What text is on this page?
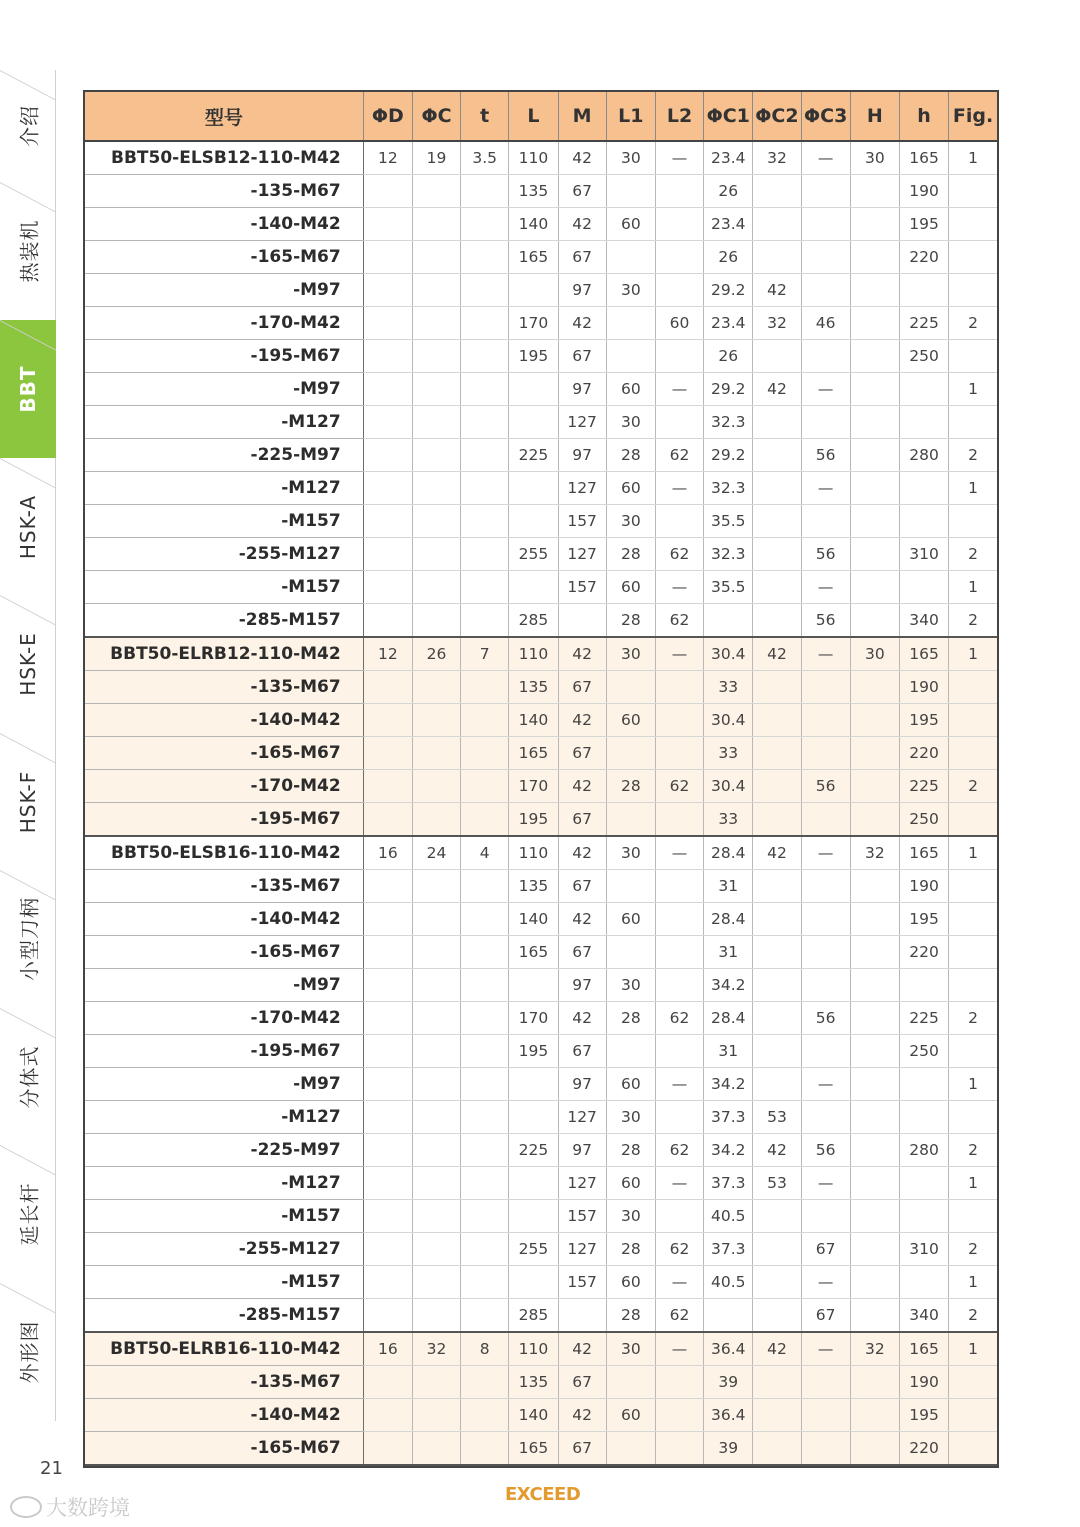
介绍
热装机
BBT
HSK-A
HSK-E
HSK-F
小型刀柄
分体式
延长杆
外形图
型号	ΦD	ΦC	t	L	M	L1	L2	ΦC1	ΦC2	ΦC3	H	h	Fig.
BBT50-ELSB12-110-M42	12	19	3.5	110	42	30	—	23.4	32	—	30	165	1
-135-M67				135	67			26				190	
-140-M42				140	42	60		23.4				195	
-165-M67				165	67			26				220	
-M97					97	30		29.2	42				
-170-M42				170	42		60	23.4	32	46		225	2
-195-M67				195	67			26				250	
-M97					97	60	—	29.2	42	—			1
-M127					127	30		32.3					
-225-M97				225	97	28	62	29.2		56		280	2
-M127					127	60	—	32.3		—			1
-M157					157	30		35.5					
-255-M127				255	127	28	62	32.3		56		310	2
-M157					157	60	—	35.5		—			1
-285-M157				285		28	62			56		340	2
BBT50-ELRB12-110-M42	12	26	7	110	42	30	—	30.4	42	—	30	165	1
-135-M67				135	67			33				190	
-140-M42				140	42	60		30.4				195	
-165-M67				165	67			33				220	
-170-M42				170	42	28	62	30.4		56		225	2
-195-M67				195	67			33				250	
BBT50-ELSB16-110-M42	16	24	4	110	42	30	—	28.4	42	—	32	165	1
-135-M67				135	67			31				190	
-140-M42				140	42	60		28.4				195	
-165-M67				165	67			31				220	
-M97					97	30		34.2					
-170-M42				170	42	28	62	28.4		56		225	2
-195-M67				195	67			31				250	
-M97					97	60	—	34.2		—			1
-M127					127	30		37.3	53				
-225-M97				225	97	28	62	34.2	42	56		280	2
-M127					127	60	—	37.3	53	—			1
-M157					157	30		40.5					
-255-M127				255	127	28	62	37.3		67		310	2
-M157					157	60	—	40.5		—			1
-285-M157				285		28	62			67		340	2
BBT50-ELRB16-110-M42	16	32	8	110	42	30	—	36.4	42	—	32	165	1
-135-M67				135	67			39				190	
-140-M42				140	42	60		36.4				195	
-165-M67				165	67			39				220	
21
EXCEED
大数跨境
